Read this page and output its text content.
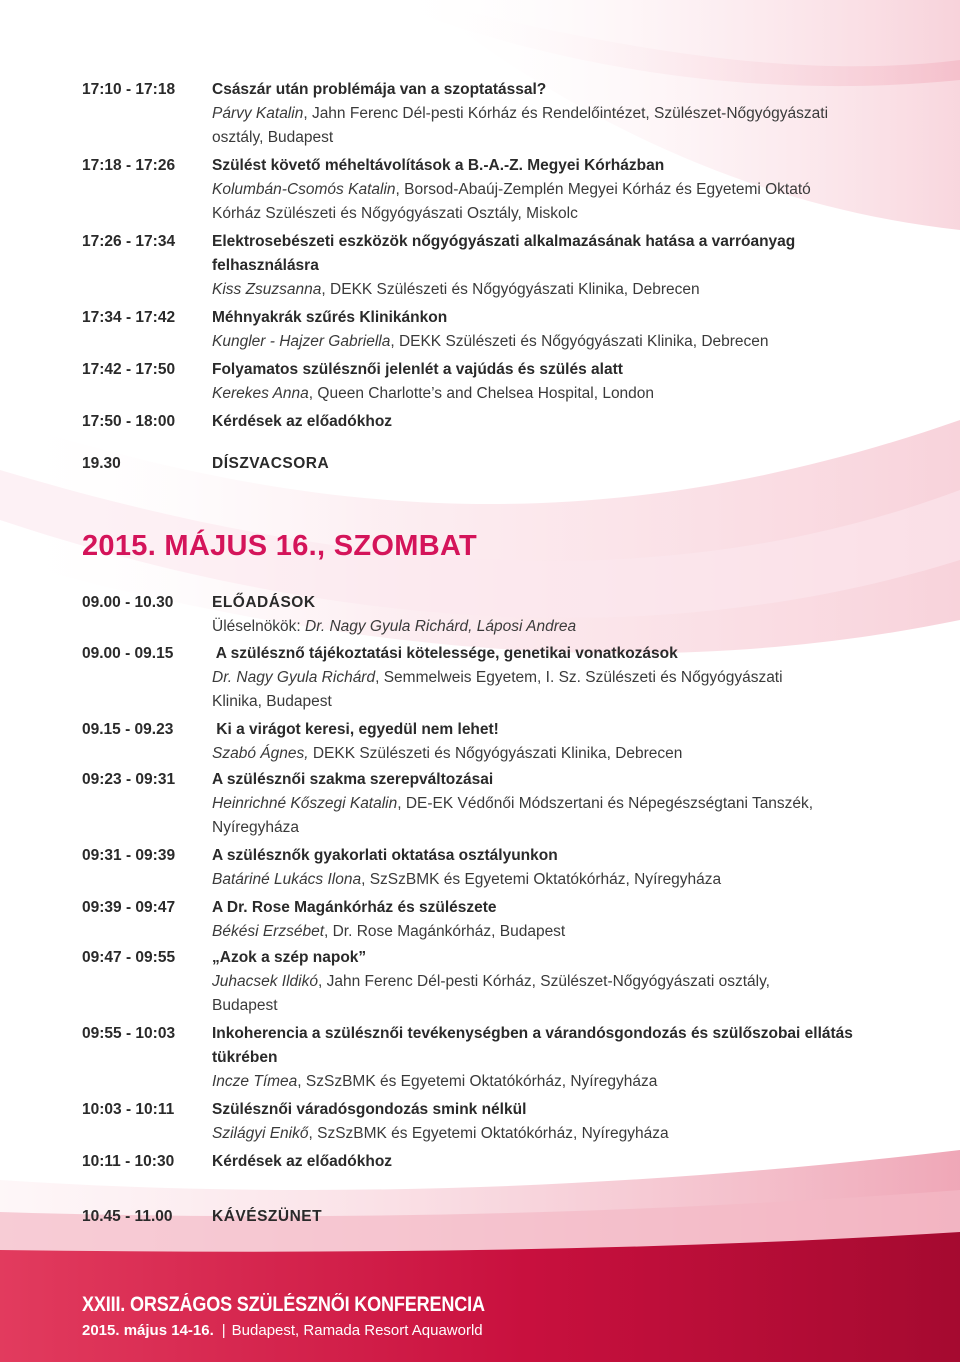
17:10 - 17:18	Császár után problémája van a szoptatással?
Párvy Katalin, Jahn Ferenc Dél-pesti Kórház és Rendelőintézet, Szülészet-Nőgyógyászati
osztály, Budapest
17:18 - 17:26	Szülést követő méheltávolítások a B.-A.-Z. Megyei Kórházban
Kolumbán-Csomós Katalin, Borsod-Abaúj-Zemplén Megyei Kórház és Egyetemi Oktató
Kórház Szülészeti és Nőgyógyászati Osztály, Miskolc
17:26 - 17:34	Elektrosebészeti eszközök nőgyógyászati alkalmazásának hatása a varróanyag
felhasználásra
Kiss Zsuzsanna, DEKK Szülészeti és Nőgyógyászati Klinika, Debrecen
17:34 - 17:42	Méhnyakrák szűrés Klinikánkon
Kungler - Hajzer Gabriella, DEKK Szülészeti és Nőgyógyászati Klinika, Debrecen
17:42 - 17:50	Folyamatos szülésznői jelenlét a vajúdás és szülés alatt
Kerekes Anna, Queen Charlotte’s and Chelsea Hospital, London
17:50 - 18:00	Kérdések az előadókhoz
19.30	DÍSZVACSORA
2015. MÁJUS 16., SZOMBAT
09.00 - 10.30	ELŐADÁSOK
Üléselnökök: Dr. Nagy Gyula Richárd, Láposi Andrea
09.00 - 09.15	A szülésznő tájékoztatási kötelessége, genetikai vonatkozások
Dr. Nagy Gyula Richárd, Semmelweis Egyetem, I. Sz. Szülészeti és Nőgyógyászati
Klinika, Budapest
09.15 - 09.23	Ki a virágot keresi, egyedül nem lehet!
Szabó Ágnes, DEKK Szülészeti és Nőgyógyászati Klinika, Debrecen
09:23 - 09:31	A szülésznői szakma szerepváltozásai
Heinrichné Kőszegi Katalin, DE-EK Védőnői Módszertani és Népegészségtani Tanszék,
Nyíregyháza
09:31 - 09:39	A szülésznők gyakorlati oktatása osztályunkon
Batáriné Lukács Ilona, SzSzBMK és Egyetemi Oktatókórház, Nyíregyháza
09:39 - 09:47	A Dr. Rose Magánkórház és szülészete
Békési Erzsébet, Dr. Rose Magánkórház, Budapest
09:47 - 09:55	„Azok a szép napok”
Juhacsek Ildikó, Jahn Ferenc Dél-pesti Kórház, Szülészet-Nőgyógyászati osztály,
Budapest
09:55 - 10:03	Inkoherencia a szülésznői tevékenységben a várandósgondozás és szülőszobai ellátás
tükrében
Incze Tímea, SzSzBMK és Egyetemi Oktatókórház, Nyíregyháza
10:03 - 10:11	Szülésznői váradósgondozás smink nélkül
Szilágyi Enikő, SzSzBMK és Egyetemi Oktatókórház, Nyíregyháza
10:11 - 10:30	Kérdések az előadókhoz
10.45 - 11.00	KÁVÉSZÜNET
XXIII. ORSZÁGOS SZÜLÉSZNŐI KONFERENCIA
2015. május 14-16. | Budapest, Ramada Resort Aquaworld
